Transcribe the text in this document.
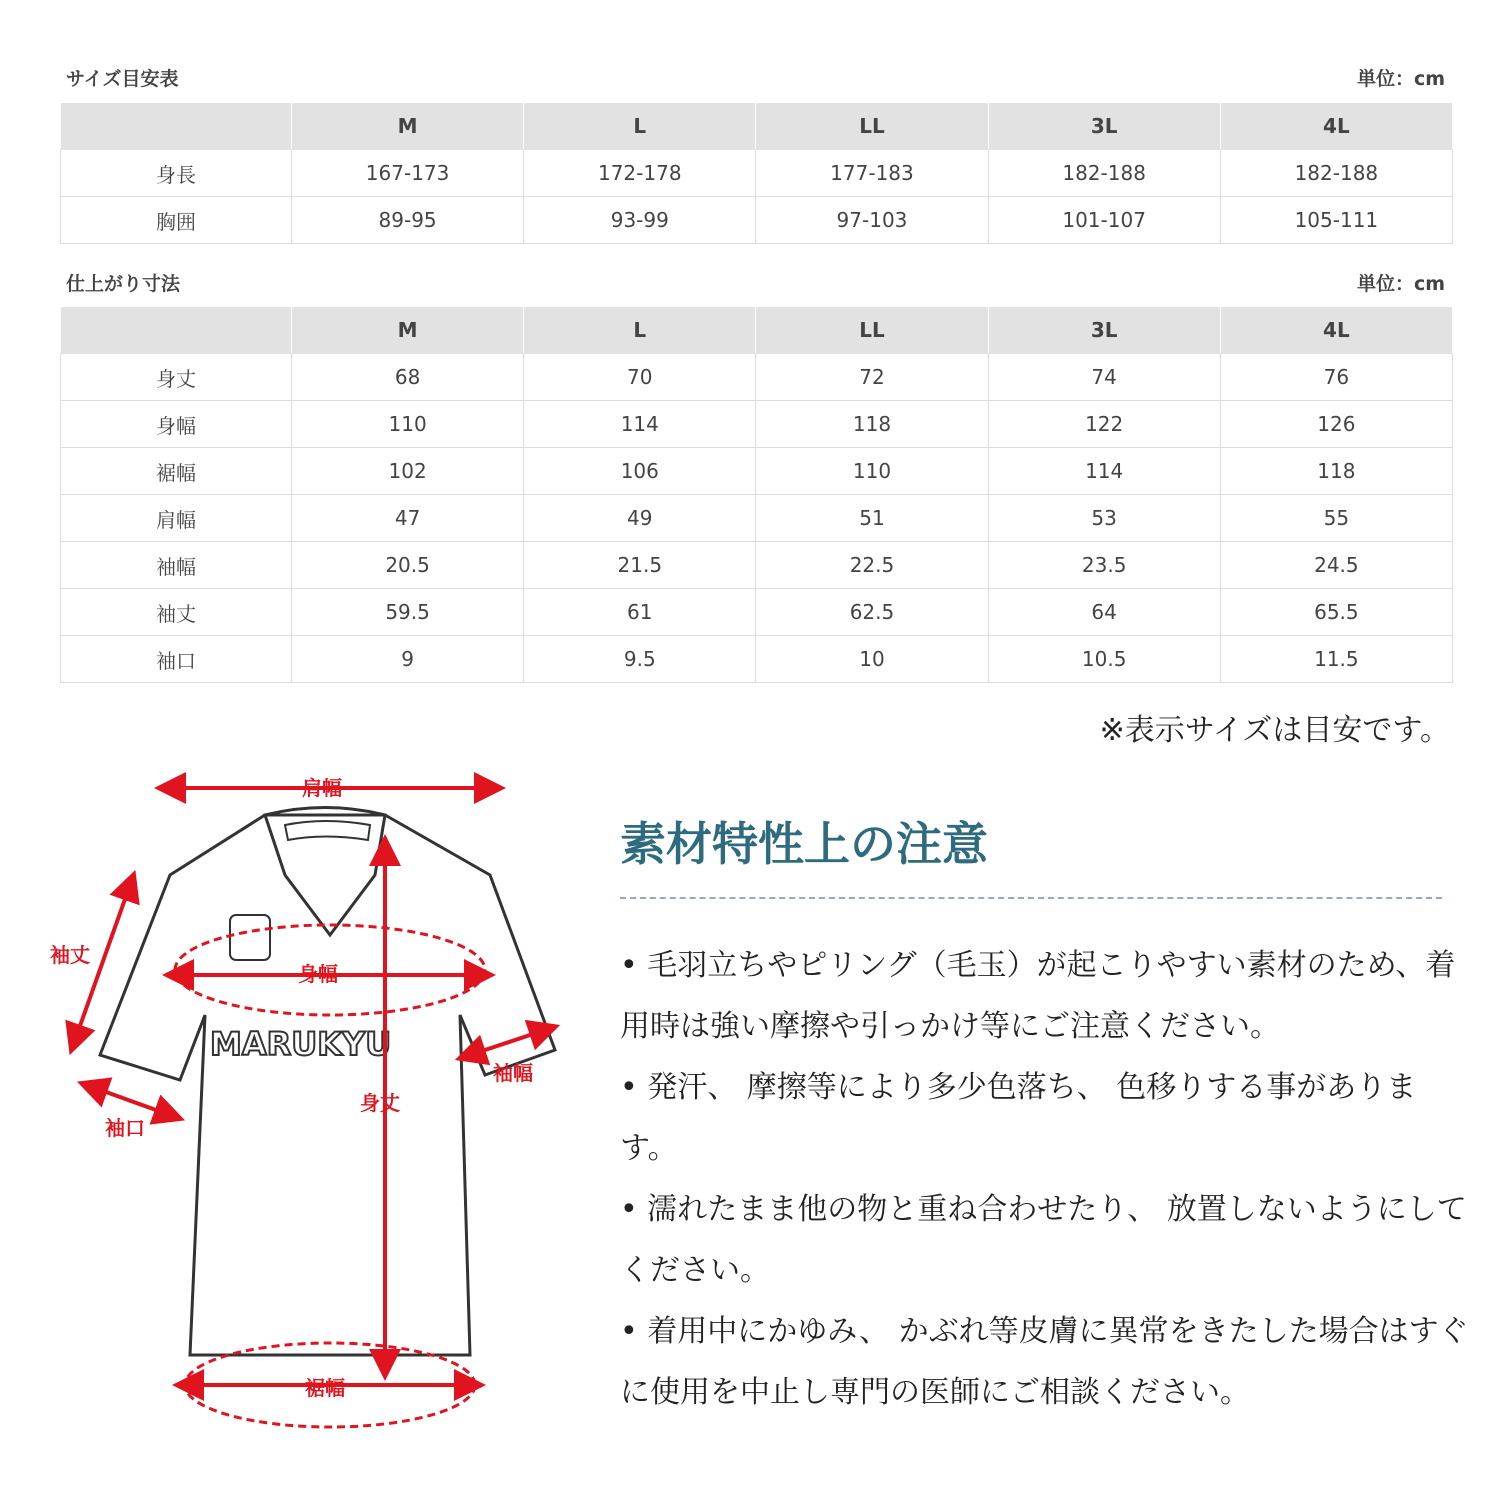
サイズ目安表	単位：cm
	M	L	LL	3L	4L
身長	167-173	172-178	177-183	182-188	182-188
胸囲	89-95	93-99	97-103	101-107	105-111
仕上がり寸法	単位：cm
	M	L	LL	3L	4L
身丈	68	70	72	74	76
身幅	110	114	118	122	126
裾幅	102	106	110	114	118
肩幅	47	49	51	53	55
袖幅	20.5	21.5	22.5	23.5	24.5
袖丈	59.5	61	62.5	64	65.5
袖口	9	9.5	10	10.5	11.5
※表示サイズは目安です。
MARUKYU
肩幅
身幅
身丈
裾幅
袖丈
袖口
袖幅
素材特性上の注意
• 毛羽立ちやピリング（毛玉）が起こりやすい素材のため、着用時は強い摩擦や引っかけ等にご注意ください。
• 発汗、 摩擦等により多少色落ち、 色移りする事がありま す。
• 濡れたまま他の物と重ね合わせたり、 放置しないようにしてください。
• 着用中にかゆみ、 かぶれ等皮膚に異常をきたした場合はすぐに使用を中止し専門の医師にご相談ください。
